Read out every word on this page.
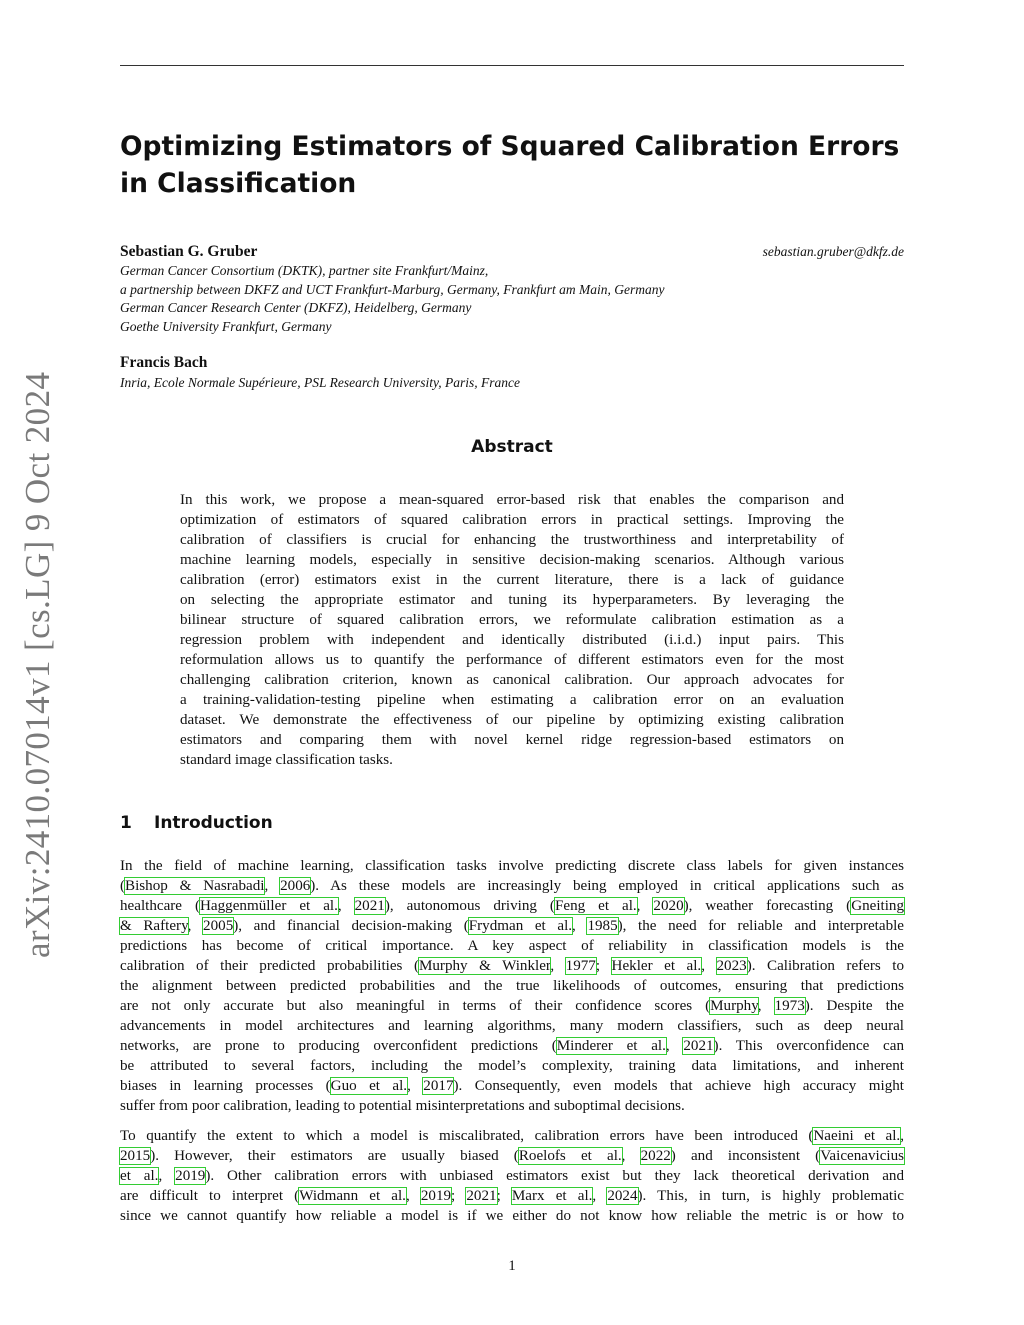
arXiv:2410.07014v1 [cs.LG] 9 Oct 2024
Optimizing Estimators of Squared Calibration Errors
in Classification
Sebastian G. Gruber	sebastian.gruber@dkfz.de
German Cancer Consortium (DKTK), partner site Frankfurt/Mainz,
a partnership between DKFZ and UCT Frankfurt-Marburg, Germany, Frankfurt am Main, Germany
German Cancer Research Center (DKFZ), Heidelberg, Germany
Goethe University Frankfurt, Germany
Francis Bach
Inria, Ecole Normale Supérieure, PSL Research University, Paris, France
Abstract
In this work, we propose a mean-squared error-based risk that enables the comparison and
optimization of estimators of squared calibration errors in practical settings. Improving the
calibration of classifiers is crucial for enhancing the trustworthiness and interpretability of
machine learning models, especially in sensitive decision-making scenarios. Although various
calibration (error) estimators exist in the current literature, there is a lack of guidance
on selecting the appropriate estimator and tuning its hyperparameters. By leveraging the
bilinear structure of squared calibration errors, we reformulate calibration estimation as a
regression problem with independent and identically distributed (i.i.d.) input pairs. This
reformulation allows us to quantify the performance of different estimators even for the most
challenging calibration criterion, known as canonical calibration. Our approach advocates for
a training-validation-testing pipeline when estimating a calibration error on an evaluation
dataset. We demonstrate the effectiveness of our pipeline by optimizing existing calibration
estimators and comparing them with novel kernel ridge regression-based estimators on
standard image classification tasks.
1 Introduction
In the field of machine learning, classification tasks involve predicting discrete class labels for given instances
(Bishop & Nasrabadi, 2006). As these models are increasingly being employed in critical applications such as
healthcare (Haggenmüller et al., 2021), autonomous driving (Feng et al., 2020), weather forecasting (Gneiting
& Raftery, 2005), and financial decision-making (Frydman et al., 1985), the need for reliable and interpretable
predictions has become of critical importance. A key aspect of reliability in classification models is the
calibration of their predicted probabilities (Murphy & Winkler, 1977; Hekler et al., 2023). Calibration refers to
the alignment between predicted probabilities and the true likelihoods of outcomes, ensuring that predictions
are not only accurate but also meaningful in terms of their confidence scores (Murphy, 1973). Despite the
advancements in model architectures and learning algorithms, many modern classifiers, such as deep neural
networks, are prone to producing overconfident predictions (Minderer et al., 2021). This overconfidence can
be attributed to several factors, including the model’s complexity, training data limitations, and inherent
biases in learning processes (Guo et al., 2017). Consequently, even models that achieve high accuracy might
suffer from poor calibration, leading to potential misinterpretations and suboptimal decisions.
To quantify the extent to which a model is miscalibrated, calibration errors have been introduced (Naeini et al.,
2015). However, their estimators are usually biased (Roelofs et al., 2022) and inconsistent (Vaicenavicius
et al., 2019). Other calibration errors with unbiased estimators exist but they lack theoretical derivation and
are difficult to interpret (Widmann et al., 2019; 2021; Marx et al., 2024). This, in turn, is highly problematic
since we cannot quantify how reliable a model is if we either do not know how reliable the metric is or how to
1
